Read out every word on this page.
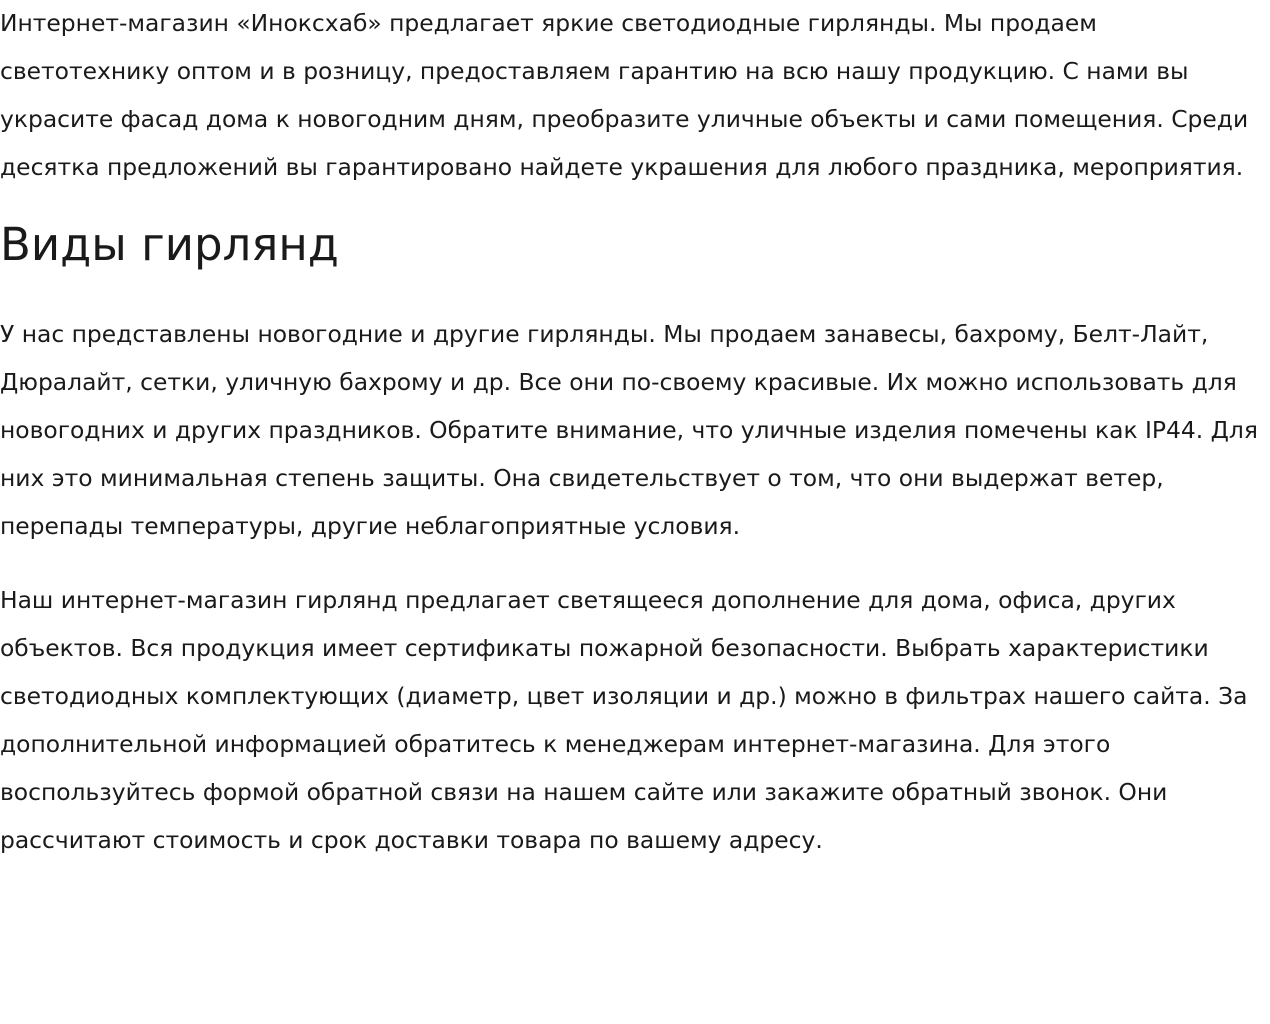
Интернет-магазин «Иноксхаб» предлагает яркие светодиодные гирлянды. Мы продаем светотехнику оптом и в розницу, предоставляем гарантию на всю нашу продукцию. С нами вы украсите фасад дома к новогодним дням, преобразите уличные объекты и сами помещения. Среди десятка предложений вы гарантировано найдете украшения для любого праздника, мероприятия.

Виды гирлянд

У нас представлены новогодние и другие гирлянды. Мы продаем занавесы, бахрому, Белт-Лайт, Дюралайт, сетки, уличную бахрому и др. Все они по-своему красивые. Их можно использовать для новогодних и других праздников. Обратите внимание, что уличные изделия помечены как IP44. Для них это минимальная степень защиты. Она свидетельствует о том, что они выдержат ветер, перепады температуры, другие неблагоприятные условия.

Наш интернет-магазин гирлянд предлагает светящееся дополнение для дома, офиса, других объектов. Вся продукция имеет сертификаты пожарной безопасности. Выбрать характеристики светодиодных комплектующих (диаметр, цвет изоляции и др.) можно в фильтрах нашего сайта. За дополнительной информацией обратитесь к менеджерам интернет-магазина. Для этого воспользуйтесь формой обратной связи на нашем сайте или закажите обратный звонок. Они рассчитают стоимость и срок доставки товара по вашему адресу.
